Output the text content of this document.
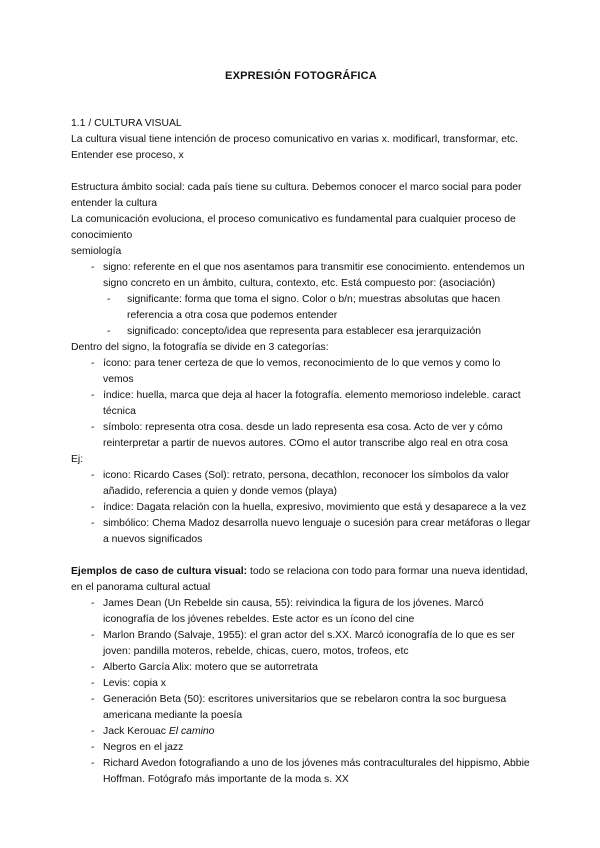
EXPRESIÓN FOTOGRÁFICA

1.1 / CULTURA VISUAL

La cultura visual tiene intención de proceso comunicativo en varias x. modificarl, transformar, etc. Entender ese proceso, x

Estructura ámbito social: cada país tiene su cultura. Debemos conocer el marco social para poder entender la cultura

La comunicación evoluciona, el proceso comunicativo es fundamental para cualquier proceso de conocimiento

semiología

- signo: referente en el que nos asentamos para transmitir ese conocimiento. entendemos un signo concreto en un ámbito, cultura, contexto, etc. Está compuesto por: (asociación)
- significante: forma que toma el signo. Color o b/n; muestras absolutas que hacen referencia a otra cosa que podemos entender
- significado: concepto/idea que representa para establecer esa jerarquización

Dentro del signo, la fotografía se divide en 3 categorías:

- ícono: para tener certeza de que lo vemos, reconocimiento de lo que vemos y como lo vemos
- índice: huella, marca que deja al hacer la fotografía. elemento memorioso indeleble. caract técnica
- símbolo: representa otra cosa. desde un lado representa esa cosa. Acto de ver y cómo reinterpretar a partir de nuevos autores. COmo el autor transcribe algo real en otra cosa

Ej:

- icono: Ricardo Cases (Sol): retrato, persona, decathlon, reconocer los símbolos da valor añadido, referencia a quien y donde vemos (playa)
- índice: Dagata relación con la huella, expresivo, movimiento que está y desaparece a la vez
- simbólico: Chema Madoz desarrolla nuevo lenguaje o sucesión para crear metáforas o llegar a nuevos significados

Ejemplos de caso de cultura visual: todo se relaciona con todo para formar una nueva identidad, en el panorama cultural actual

- James Dean (Un Rebelde sin causa, 55): reivindica la figura de los jóvenes. Marcó iconografía de los jóvenes rebeldes. Este actor es un ícono del cine
- Marlon Brando (Salvaje, 1955): el gran actor del s.XX. Marcó iconografía de lo que es ser joven: pandilla moteros, rebelde, chicas, cuero, motos, trofeos, etc
- Alberto García Alix: motero que se autorretrata
- Levis: copia x
- Generación Beta (50): escritores universitarios que se rebelaron contra la soc burguesa americana mediante la poesía
- Jack Kerouac El camino
- Negros en el jazz
- Richard Avedon fotografiando a uno de los jóvenes más contraculturales del hippismo, Abbie Hoffman. Fotógrafo más importante de la moda s. XX
